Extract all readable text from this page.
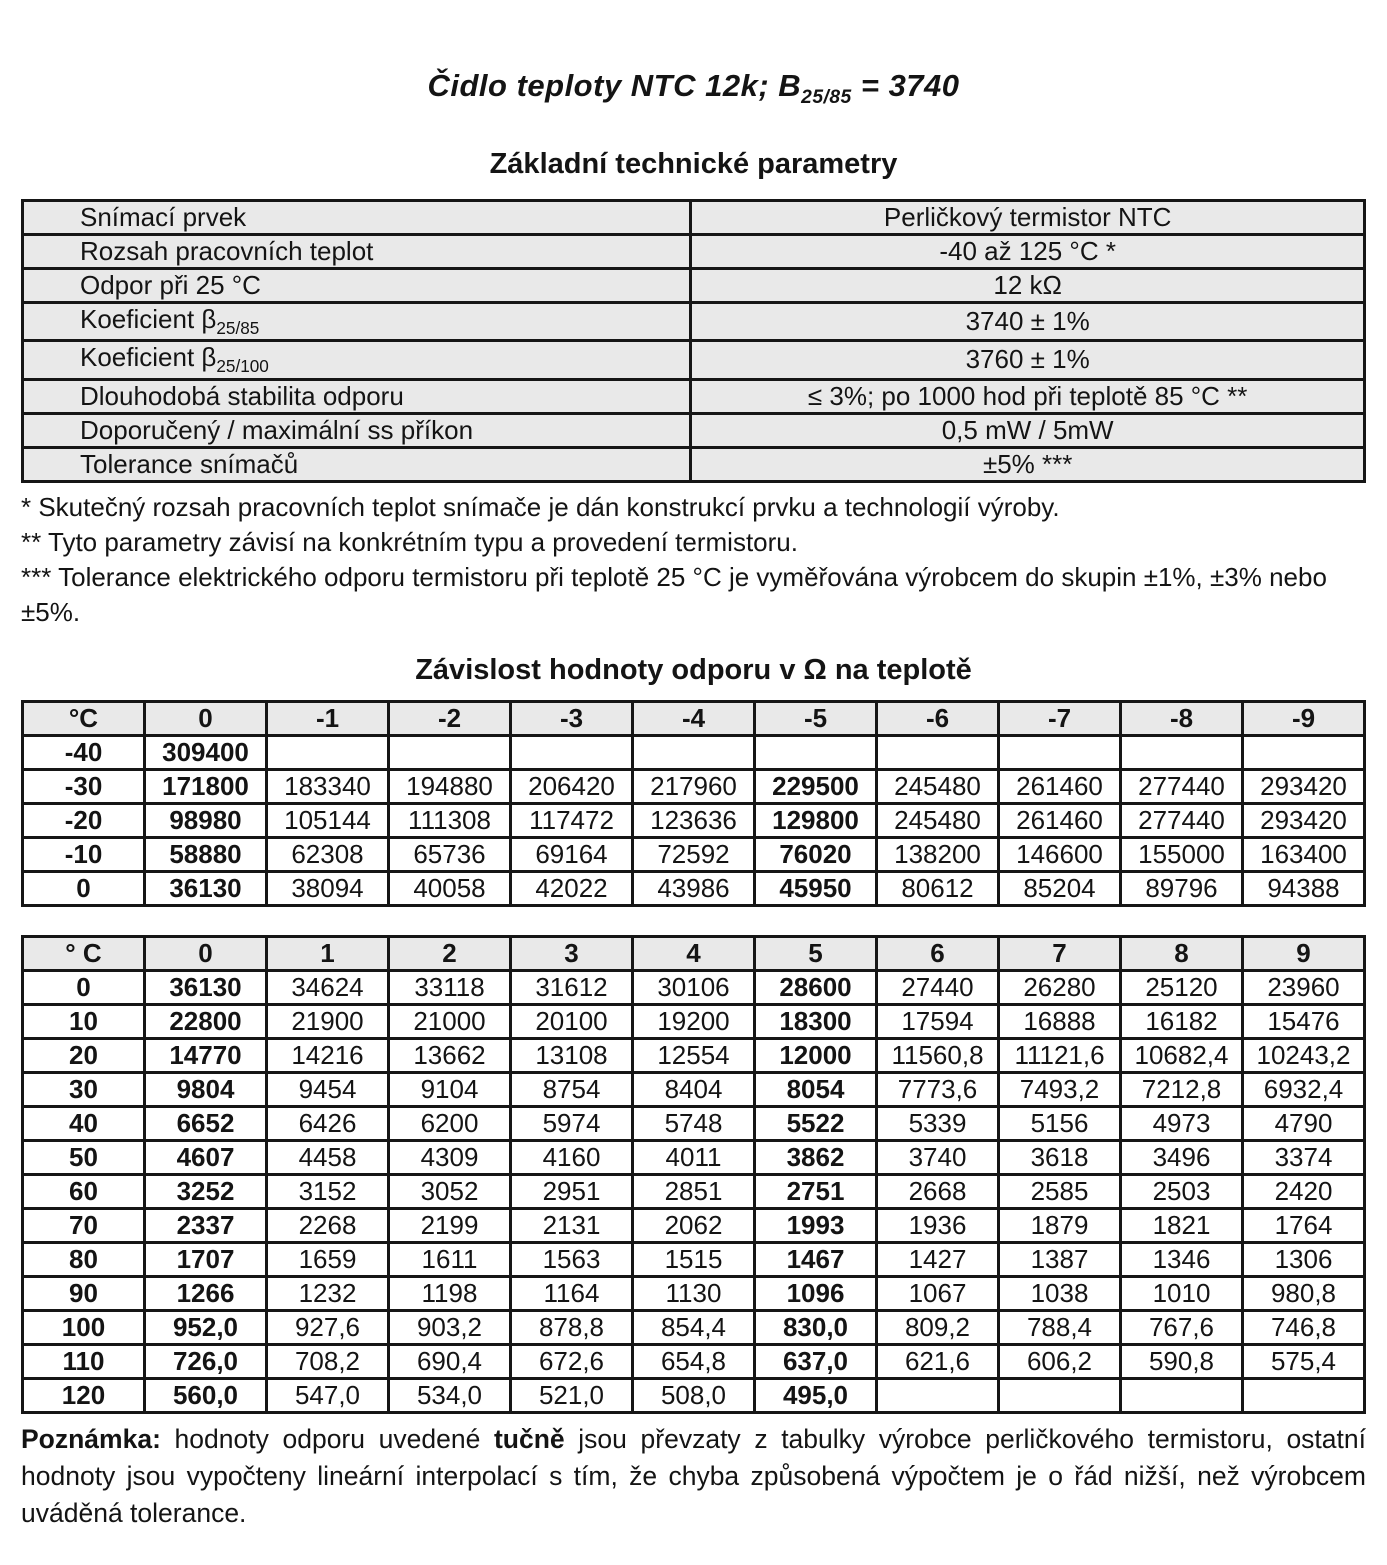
Čidlo teploty NTC 12k; $B_{25/85} = 3740$
Základní technické parametry
Snímací prvek	Perličkový termistor NTC
Rozsah pracovních teplot	-40 až 125 °C *
Odpor při 25 °C	12 kΩ
Koeficient $\beta_{25/85}$	3740 ± 1%
Koeficient $\beta_{25/100}$	3760 ± 1%
Dlouhodobá stabilita odporu	≤ 3%; po 1000 hod při teplotě 85 °C **
Doporučený / maximální ss příkon	0,5 mW / 5mW
Tolerance snímačů	±5% ***
* Skutečný rozsah pracovních teplot snímače je dán konstrukcí prvku a technologií výroby.
** Tyto parametry závisí na konkrétním typu a provedení termistoru.
*** Tolerance elektrického odporu termistoru při teplotě 25 °C je vyměřována výrobcem do skupin ±1%, ±3% nebo ±5%.
Závislost hodnoty odporu v Ω na teplotě
°C	0	-1	-2	-3	-4	-5	-6	-7	-8	-9
-40	309400									
-30	171800	183340	194880	206420	217960	229500	245480	261460	277440	293420
-20	98980	105144	111308	117472	123636	129800	245480	261460	277440	293420
-10	58880	62308	65736	69164	72592	76020	138200	146600	155000	163400
0	36130	38094	40058	42022	43986	45950	80612	85204	89796	94388
° C	0	1	2	3	4	5	6	7	8	9
0	36130	34624	33118	31612	30106	28600	27440	26280	25120	23960
10	22800	21900	21000	20100	19200	18300	17594	16888	16182	15476
20	14770	14216	13662	13108	12554	12000	11560,8	11121,6	10682,4	10243,2
30	9804	9454	9104	8754	8404	8054	7773,6	7493,2	7212,8	6932,4
40	6652	6426	6200	5974	5748	5522	5339	5156	4973	4790
50	4607	4458	4309	4160	4011	3862	3740	3618	3496	3374
60	3252	3152	3052	2951	2851	2751	2668	2585	2503	2420
70	2337	2268	2199	2131	2062	1993	1936	1879	1821	1764
80	1707	1659	1611	1563	1515	1467	1427	1387	1346	1306
90	1266	1232	1198	1164	1130	1096	1067	1038	1010	980,8
100	952,0	927,6	903,2	878,8	854,4	830,0	809,2	788,4	767,6	746,8
110	726,0	708,2	690,4	672,6	654,8	637,0	621,6	606,2	590,8	575,4
120	560,0	547,0	534,0	521,0	508,0	495,0				
Poznámka: hodnoty odporu uvedené tučně jsou převzaty z tabulky výrobce perličkového termistoru, ostatní hodnoty jsou vypočteny lineární interpolací s tím, že chyba způsobená výpočtem je o řád nižší, než výrobcem uváděná tolerance.
